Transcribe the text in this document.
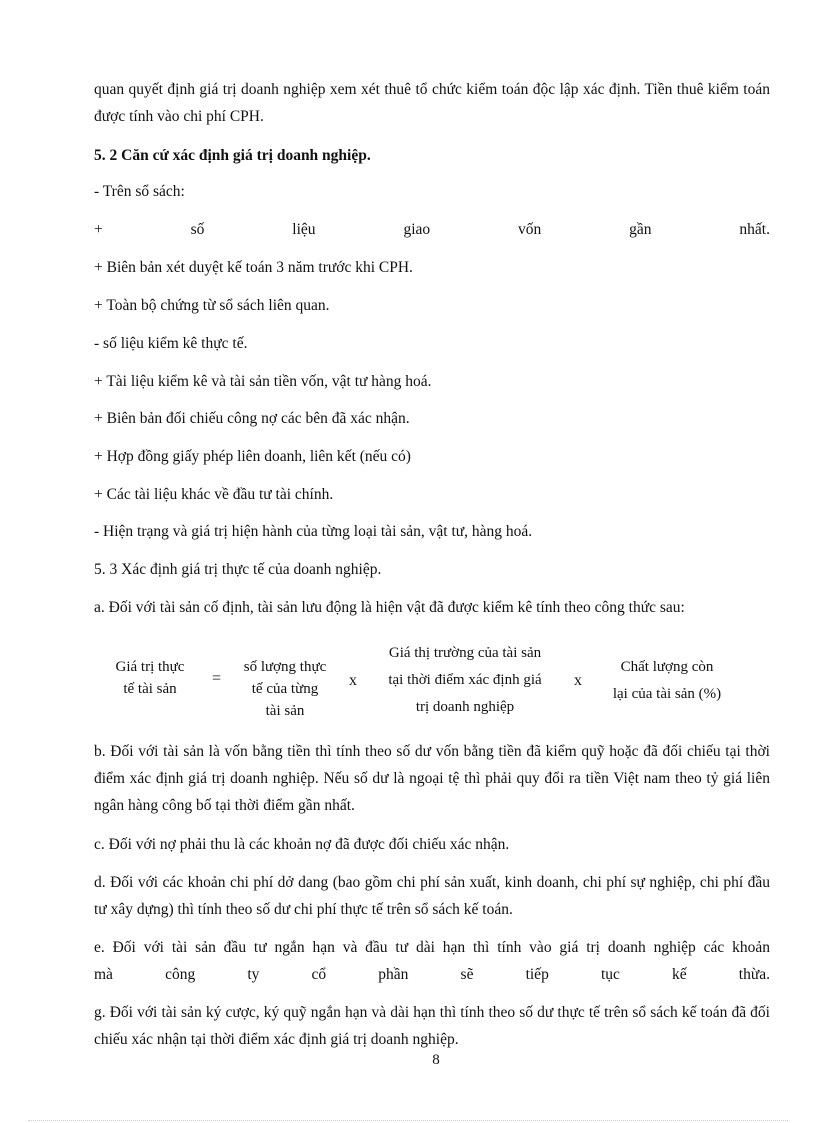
quan quyết định giá trị doanh nghiệp xem xét thuê tổ chức kiểm toán độc lập xác định. Tiền thuê kiểm toán được tính vào chi phí CPH.

5. 2 Căn cứ xác định giá trị doanh nghiệp.

- Trên sổ sách:

+ số liệu giao vốn gần nhất.

+ Biên bản xét duyệt kế toán 3 năm trước khi CPH.

+ Toàn bộ chứng từ sổ sách liên quan.

- số liệu kiểm kê thực tế.

+ Tài liệu kiểm kê và tài sản tiền vốn, vật tư hàng hoá.

+ Biên bản đối chiếu công nợ các bên đã xác nhận.

+ Hợp đồng giấy phép liên doanh, liên kết (nếu có)

+ Các tài liệu khác về đầu tư tài chính.

- Hiện trạng và giá trị hiện hành của từng loại tài sản, vật tư, hàng hoá.

5. 3 Xác định giá trị thực tế của doanh nghiệp.

a. Đối với tài sản cố định, tài sản lưu động là hiện vật đã được kiểm kê tính theo công thức sau:

Giá trị thực
tế tài sản
=
số lượng thực
tế của từng
tài sản
x
Giá thị trường của tài sản
tại thời điểm xác định giá
trị doanh nghiệp
x
Chất lượng còn
lại của tài sản (%)

b. Đối với tài sản là vốn bằng tiền thì tính theo số dư vốn bằng tiền đã kiểm quỹ hoặc đã đối chiếu tại thời điểm xác định giá trị doanh nghiệp. Nếu số dư là ngoại tệ thì phải quy đổi ra tiền Việt nam theo tỷ giá liên ngân hàng công bố tại thời điểm gần nhất.

c. Đối với nợ phải thu là các khoản nợ đã được đối chiếu xác nhận.

d. Đối với các khoản chi phí dở dang (bao gồm chi phí sản xuất, kinh doanh, chi phí sự nghiệp, chi phí đầu tư xây dựng) thì tính theo số dư chi phí thực tế trên sổ sách kế toán.

e. Đối với tài sản đầu tư ngắn hạn và đầu tư dài hạn thì tính vào giá trị doanh nghiệp các khoản

mà công ty cổ phần sẽ tiếp tục kế thừa.

g. Đối với tài sản ký cược, ký quỹ ngắn hạn và dài hạn thì tính theo số dư thực tế trên sổ sách kế toán đã đối chiếu xác nhận tại thời điểm xác định giá trị doanh nghiệp.

8
